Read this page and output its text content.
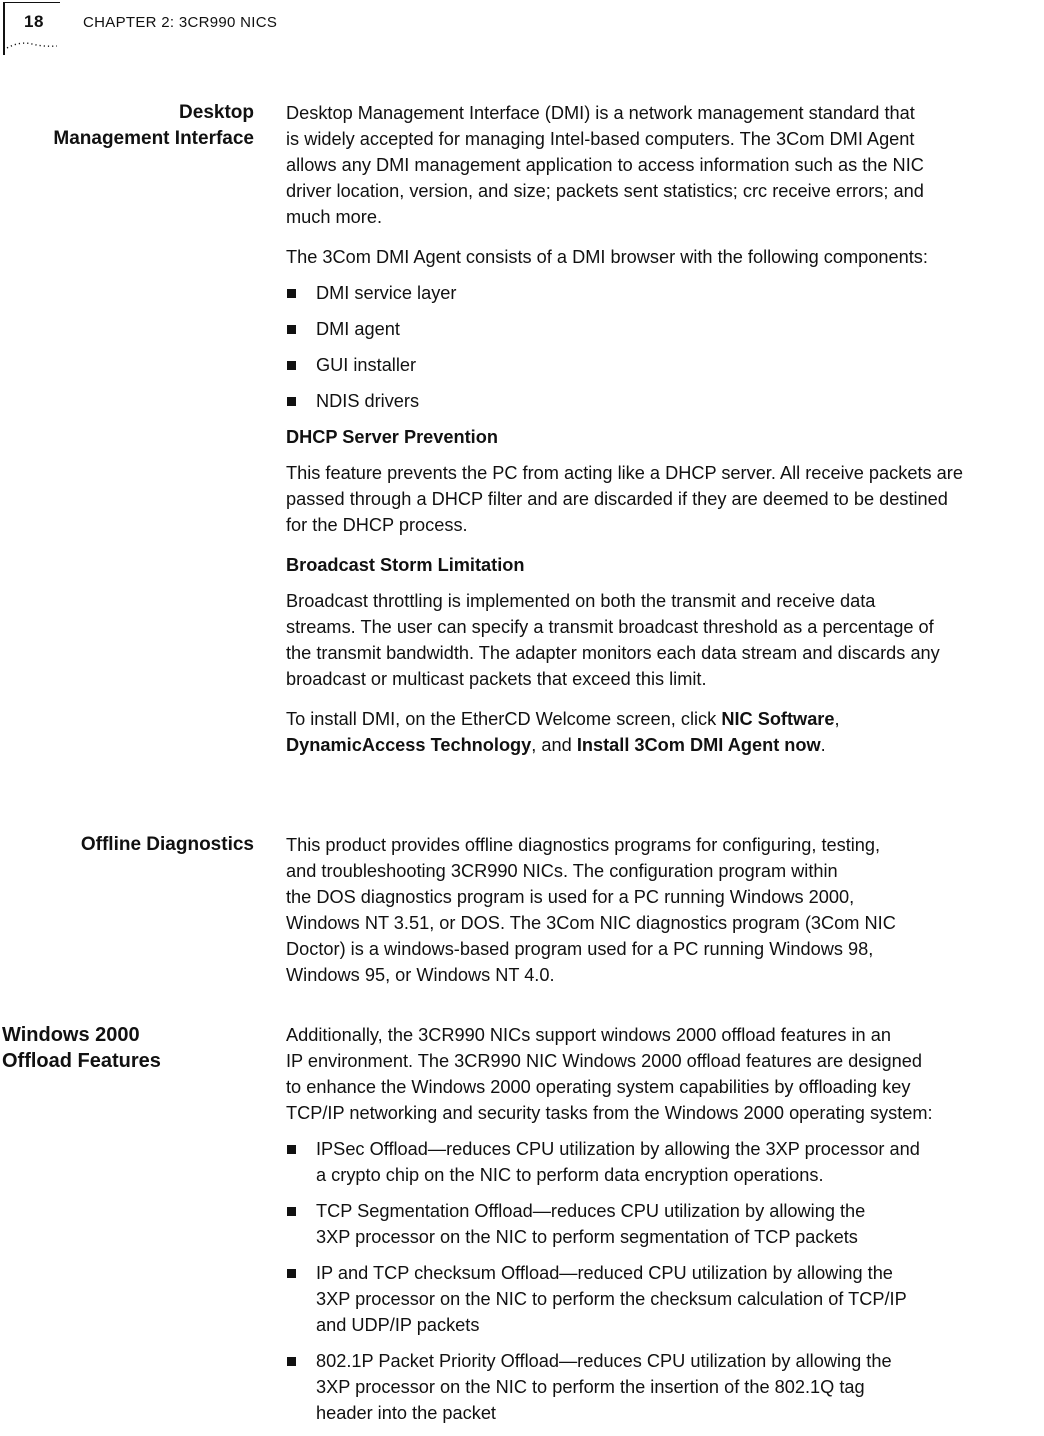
18	CHAPTER 2: 3CR990 NICS
Desktop
Management Interface

Desktop Management Interface (DMI) is a network management standard that
is widely accepted for managing Intel-based computers. The 3Com DMI Agent
allows any DMI management application to access information such as the NIC
driver location, version, and size; packets sent statistics; crc receive errors; and
much more.

The 3Com DMI Agent consists of a DMI browser with the following components:

DMI service layer
DMI agent
GUI installer
NDIS drivers
DHCP Server Prevention

This feature prevents the PC from acting like a DHCP server. All receive packets are
passed through a DHCP filter and are discarded if they are deemed to be destined
for the DHCP process.

Broadcast Storm Limitation

Broadcast throttling is implemented on both the transmit and receive data
streams. The user can specify a transmit broadcast threshold as a percentage of
the transmit bandwidth. The adapter monitors each data stream and discards any
broadcast or multicast packets that exceed this limit.

To install DMI, on the EtherCD Welcome screen, click NIC Software,
DynamicAccess Technology, and Install 3Com DMI Agent now.

Offline Diagnostics This product provides offline diagnostics programs for configuring, testing,
and troubleshooting 3CR990 NICs. The configuration program within
the DOS diagnostics program is used for a PC running Windows 2000,
Windows NT 3.51, or DOS. The 3Com NIC diagnostics program (3Com NIC
Doctor) is a windows-based program used for a PC running Windows 98,
Windows 95, or Windows NT 4.0.

Windows 2000
Offload Features

Additionally, the 3CR990 NICs support windows 2000 offload features in an
IP environment. The 3CR990 NIC Windows 2000 offload features are designed
to enhance the Windows 2000 operating system capabilities by offloading key
TCP/IP networking and security tasks from the Windows 2000 operating system:

IPSec Offload—reduces CPU utilization by allowing the 3XP processor and
a crypto chip on the NIC to perform data encryption operations.
TCP Segmentation Offload—reduces CPU utilization by allowing the
3XP processor on the NIC to perform segmentation of TCP packets
IP and TCP checksum Offload—reduced CPU utilization by allowing the
3XP processor on the NIC to perform the checksum calculation of TCP/IP
and UDP/IP packets
802.1P Packet Priority Offload—reduces CPU utilization by allowing the
3XP processor on the NIC to perform the insertion of the 802.1Q tag
header into the packet
